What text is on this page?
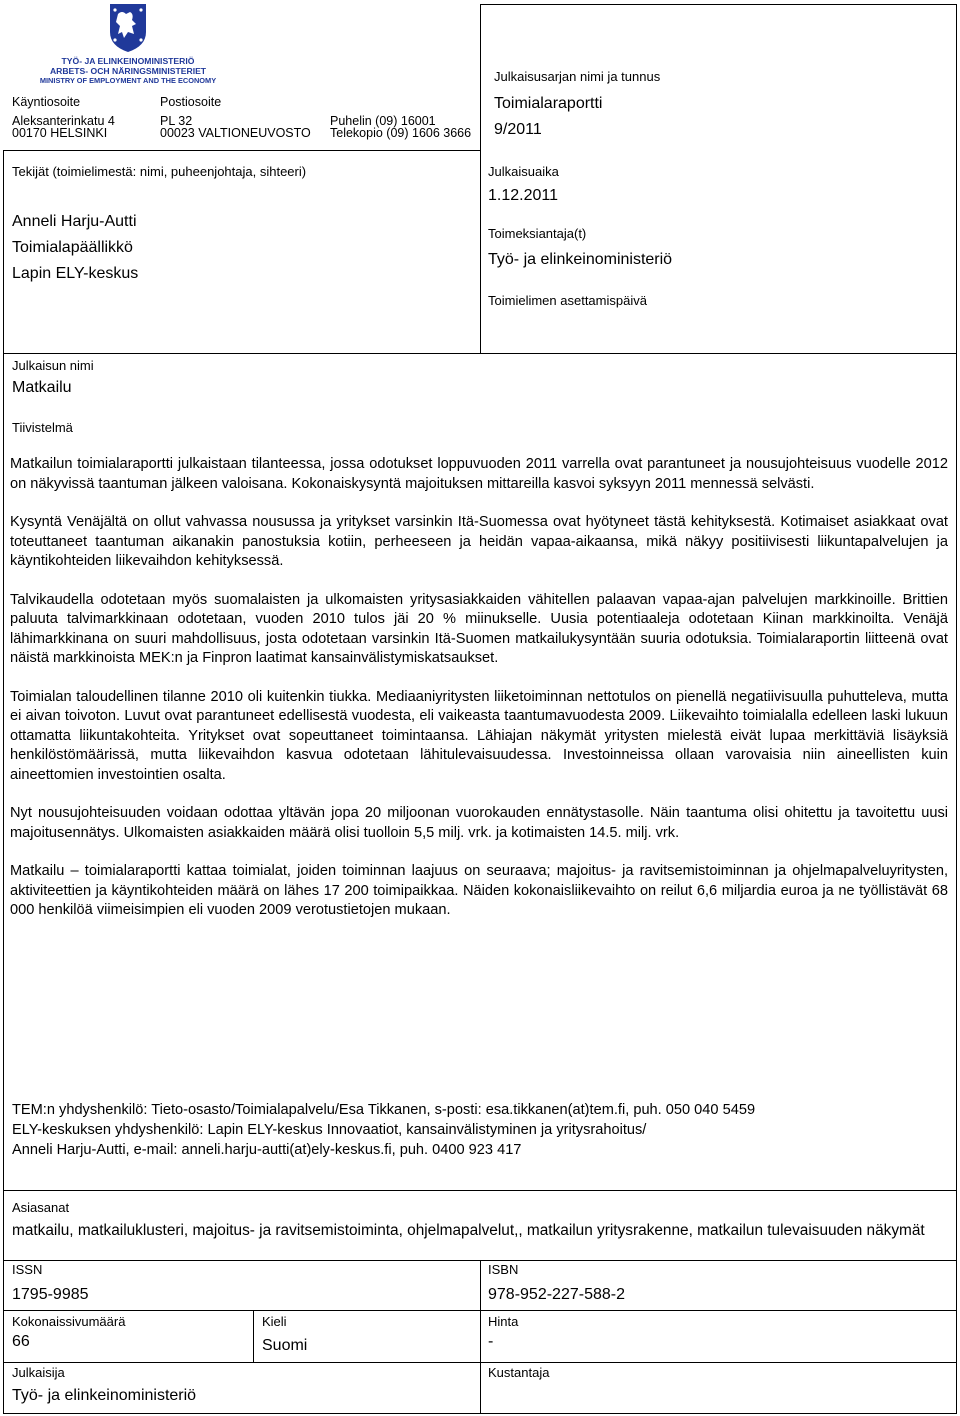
TYÖ- JA ELINKEINOMINISTERIÖ
ARBETS- OCH NÄRINGSMINISTERIET
MINISTRY OF EMPLOYMENT AND THE ECONOMY
Käyntiosoite
Aleksanterinkatu 4
00170 HELSINKI
Postiosoite
PL 32
00023 VALTIONEUVOSTO
Puhelin (09) 16001
Telekopio (09) 1606 3666
Julkaisusarjan nimi ja tunnus
Toimialaraportti
9/2011
Julkaisuaika
1.12.2011
Toimeksiantaja(t)
Työ- ja elinkeinoministeriö
Toimielimen asettamispäivä
Tekijät (toimielimestä: nimi, puheenjohtaja, sihteeri)
Anneli Harju-Autti
Toimialapäällikkö
Lapin ELY-keskus
Julkaisun nimi
Matkailu
Tiivistelmä

Matkailun toimialaraportti julkaistaan tilanteessa, jossa odotukset loppuvuoden 2011 varrella ovat parantuneet ja nousujohteisuus vuodelle 2012 on näkyvissä taantuman jälkeen valoisana. Kokonaiskysyntä majoituksen mittareilla kasvoi syksyyn 2011 mennessä selvästi.

Kysyntä Venäjältä on ollut vahvassa nousussa ja yritykset varsinkin Itä-Suomessa ovat hyötyneet tästä kehityksestä. Kotimaiset asiakkaat ovat toteuttaneet taantuman aikanakin panostuksia kotiin, perheeseen ja heidän vapaa-aikaansa, mikä näkyy positiivisesti liikuntapalvelujen ja käyntikohteiden liikevaihdon kehityksessä.

Talvikaudella odotetaan myös suomalaisten ja ulkomaisten yritysasiakkaiden vähitellen palaavan vapaa-ajan palvelujen markkinoille. Brittien paluuta talvimarkkinaan odotetaan, vuoden 2010 tulos jäi 20 % miinukselle. Uusia potentiaaleja odotetaan Kiinan markkinoilta. Venäjä lähimarkkinana on suuri mahdollisuus, josta odotetaan varsinkin Itä-Suomen matkailukysyntään suuria odotuksia. Toimialaraportin liitteenä ovat näistä markkinoista MEK:n ja Finpron laatimat kansainvälistymiskatsaukset.

Toimialan taloudellinen tilanne 2010 oli kuitenkin tiukka. Mediaaniyritysten liiketoiminnan nettotulos on pienellä negatiivisuulla puhutteleva, mutta ei aivan toivoton. Luvut ovat parantuneet edellisestä vuodesta, eli vaikeasta taantumavuodesta 2009. Liikevaihto toimialalla edelleen laski lukuun ottamatta liikuntakohteita. Yritykset ovat sopeuttaneet toimintaansa. Lähiajan näkymät yritysten mielestä eivät lupaa merkittäviä lisäyksiä henkilöstömäärissä, mutta liikevaihdon kasvua odotetaan lähitulevaisuudessa. Investoinneissa ollaan varovaisia niin aineellisten kuin aineettomien investointien osalta.

Nyt nousujohteisuuden voidaan odottaa yltävän jopa 20 miljoonan vuorokauden ennätystasolle. Näin taantuma olisi ohitettu ja tavoitettu uusi majoitusennätys. Ulkomaisten asiakkaiden määrä olisi tuolloin 5,5 milj. vrk. ja kotimaisten 14.5. milj. vrk.

Matkailu – toimialaraportti kattaa toimialat, joiden toiminnan laajuus on seuraava; majoitus- ja ravitsemistoiminnan ja ohjelmapalveluyritysten, aktiviteettien ja käyntikohteiden määrä on lähes 17 200 toimipaikkaa. Näiden kokonaisliikevaihto on reilut 6,6 miljardia euroa ja ne työllistävät 68 000 henkilöä viimeisimpien eli vuoden 2009 verotustietojen mukaan.

TEM:n yhdyshenkilö: Tieto-osasto/Toimialapalvelu/Esa Tikkanen, s-posti: esa.tikkanen(at)tem.fi, puh. 050 040 5459
ELY-keskuksen yhdyshenkilö: Lapin ELY-keskus Innovaatiot, kansainvälistyminen ja yritysrahoitus/
Anneli Harju-Autti, e-mail: anneli.harju-autti(at)ely-keskus.fi, puh. 0400 923 417
Asiasanat
matkailu, matkailuklusteri, majoitus- ja ravitsemistoiminta, ohjelmapalvelut,, matkailun yritysrakenne, matkailun tulevaisuuden näkymät
ISSN
1795-9985
ISBN
978-952-227-588-2
Kokonaissivumäärä
66
Kieli
Suomi
Hinta
-
Julkaisija
Työ- ja elinkeinoministeriö
Kustantaja
